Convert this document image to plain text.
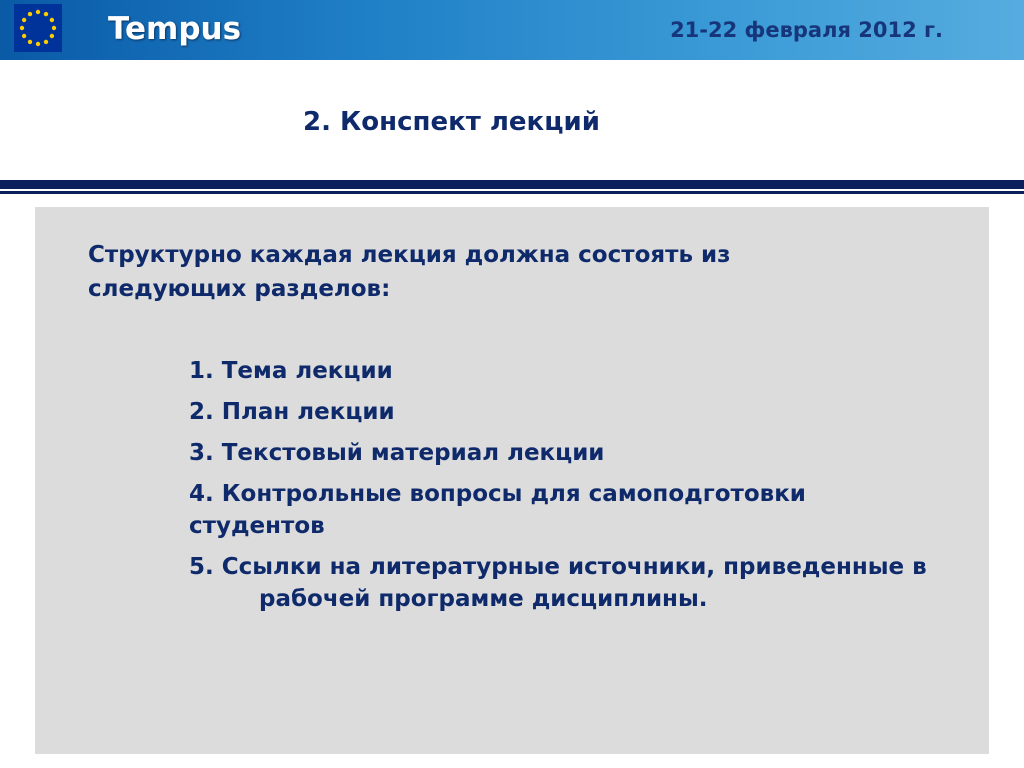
Tempus	21-22 февраля 2012 г.
2. Конспект лекций
Структурно каждая лекция должна состоять из следующих разделов:
1. Тема лекции
2. План лекции
3. Текстовый материал лекции
4. Контрольные вопросы для самоподготовки студентов
5. Ссылки на литературные источники, приведенные врабочей программе дисциплины.
